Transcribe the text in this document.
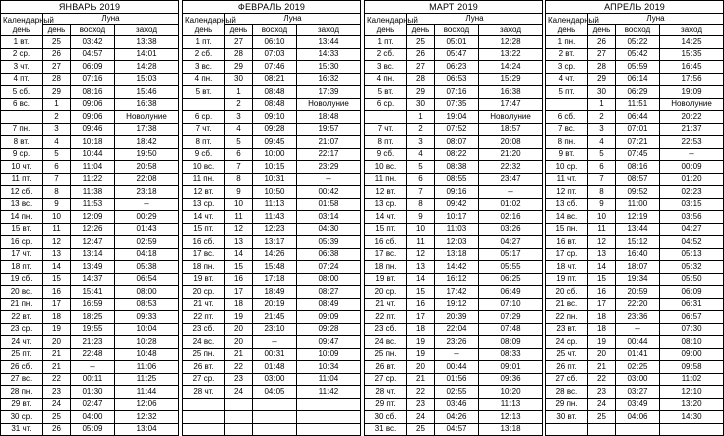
ЯНВАРЬ 2019			
Календарный день	Луна		
	день	восход	заход
1 вт.	25	03:42	13:38
2 ср.	26	04:57	14:01
3 чт.	27	06:09	14:28
4 пт.	28	07:16	15:03
5 сб.	29	08:16	15:46
6 вс.	1	09:06	16:38
	2	09:06	Новолуние
7 пн.	3	09:46	17:38
8 вт.	4	10:18	18:42
9 ср.	5	10:44	19:50
10 чт.	6	11:04	20:58
11 пт.	7	11:22	22:08
12 сб.	8	11:38	23:18
13 вс.	9	11:53	–
14 пн.	10	12:09	00:29
15 вт.	11	12:26	01:43
16 ср.	12	12:47	02:59
17 чт.	13	13:14	04:18
18 пт.	14	13:49	05:38
19 сб.	15	14:37	06:54
20 вс.	16	15:41	08:00
21 пн.	17	16:59	08:53
22 вт.	18	18:25	09:33
23 ср.	19	19:55	10:04
24 чт.	20	21:23	10:28
25 пт.	21	22:48	10:48
26 сб.	21	–	11:06
27 вс.	22	00:11	11:25
28 пн.	23	01:30	11:44
29 вт.	24	02:47	12:06
30 ср.	25	04:00	12:32
31 чт.	26	05:09	13:04
ФЕВРАЛЬ 2019			
Календарный день	Луна		
	день	восход	заход
1 пт.	27	06:10	13:44
2 сб.	28	07:03	14:33
3 вс.	29	07:46	15:30
4 пн.	30	08:21	16:32
5 вт.	1	08:48	17:39
	2	08:48	Новолуние
6 ср.	3	09:10	18:48
7 чт.	4	09:28	19:57
8 пт.	5	09:45	21:07
9 сб.	6	10:00	22:17
10 вс.	7	10:15	23:29
11 пн.	8	10:31	–
12 вт.	9	10:50	00:42
13 ср.	10	11:13	01:58
14 чт.	11	11:43	03:14
15 пт.	12	12:23	04:30
16 сб.	13	13:17	05:39
17 вс.	14	14:26	06:38
18 пн.	15	15:48	07:24
19 вт.	16	17:18	08:00
20 ср.	17	18:49	08:27
21 чт.	18	20:19	08:49
22 пт.	19	21:45	09:09
23 сб.	20	23:10	09:28
24 вс.	20	–	09:47
25 пн.	21	00:31	10:09
26 вт.	22	01:48	10:34
27 ср.	23	03:00	11:04
28 чт.	24	04:05	11:42

МАРТ 2019			
Календарный день	Луна		
	день	восход	заход
1 пт.	25	05:01	12:28
2 сб.	26	05:47	13:22
3 вс.	27	06:23	14:24
4 пн.	28	06:53	15:29
5 вт.	29	07:16	16:38
6 ср.	30	07:35	17:47
	1	19:04	Новолуние
7 чт.	2	07:52	18:57
8 пт.	3	08:07	20:08
9 сб.	4	08:22	21:20
10 вс.	5	08:38	22:32
11 пн.	6	08:55	23:47
12 вт.	7	09:16	–
13 ср.	8	09:42	01:02
14 чт.	9	10:17	02:16
15 пт.	10	11:03	03:26
16 сб.	11	12:03	04:27
17 вс.	12	13:18	05:17
18 пн.	13	14:42	05:55
19 вт.	14	16:12	06:25
20 ср.	15	17:42	06:49
21 чт.	16	19:12	07:10
22 пт.	17	20:39	07:29
23 сб.	18	22:04	07:48
24 вс.	19	23:26	08:09
25 пн.	19	–	08:33
26 вт.	20	00:44	09:01
27 ср.	21	01:56	09:36
28 чт.	22	02:55	10:20
29 пт.	23	03:46	11:13
30 сб.	24	04:26	12:13
31 вс.	25	04:57	13:18
АПРЕЛЬ 2019			
Календарный день	Луна		
	день	восход	заход
1 пн.	26	05:22	14:25
2 вт.	27	05:42	15:35
3 ср.	28	05:59	16:45
4 чт.	29	06:14	17:56
5 пт.	30	06:29	19:09
	1	11:51	Новолуние
6 сб.	2	06:44	20:22
7 вс.	3	07:01	21:37
8 пн.	4	07:21	22:53
9 вт.	5	07:45	–
10 ср.	6	08:16	00:09
11 чт.	7	08:57	01:20
12 пт.	8	09:52	02:23
13 сб.	9	11:00	03:15
14 вс.	10	12:19	03:56
15 пн.	11	13:44	04:27
16 вт.	12	15:12	04:52
17 ср.	13	16:40	05:13
18 чт.	14	18:07	05:32
19 пт.	15	19:34	05:50
20 сб.	16	20:59	06:09
21 вс.	17	22:20	06:31
22 пн.	18	23:36	06:57
23 вт.	18	–	07:30
24 ср.	19	00:44	08:10
25 чт.	20	01:41	09:00
26 пт.	21	02:25	09:58
27 сб.	22	03:00	11:02
28 вс.	23	03:27	12:10
29 пн.	24	03:49	13:20
30 вт.	25	04:06	14:30
